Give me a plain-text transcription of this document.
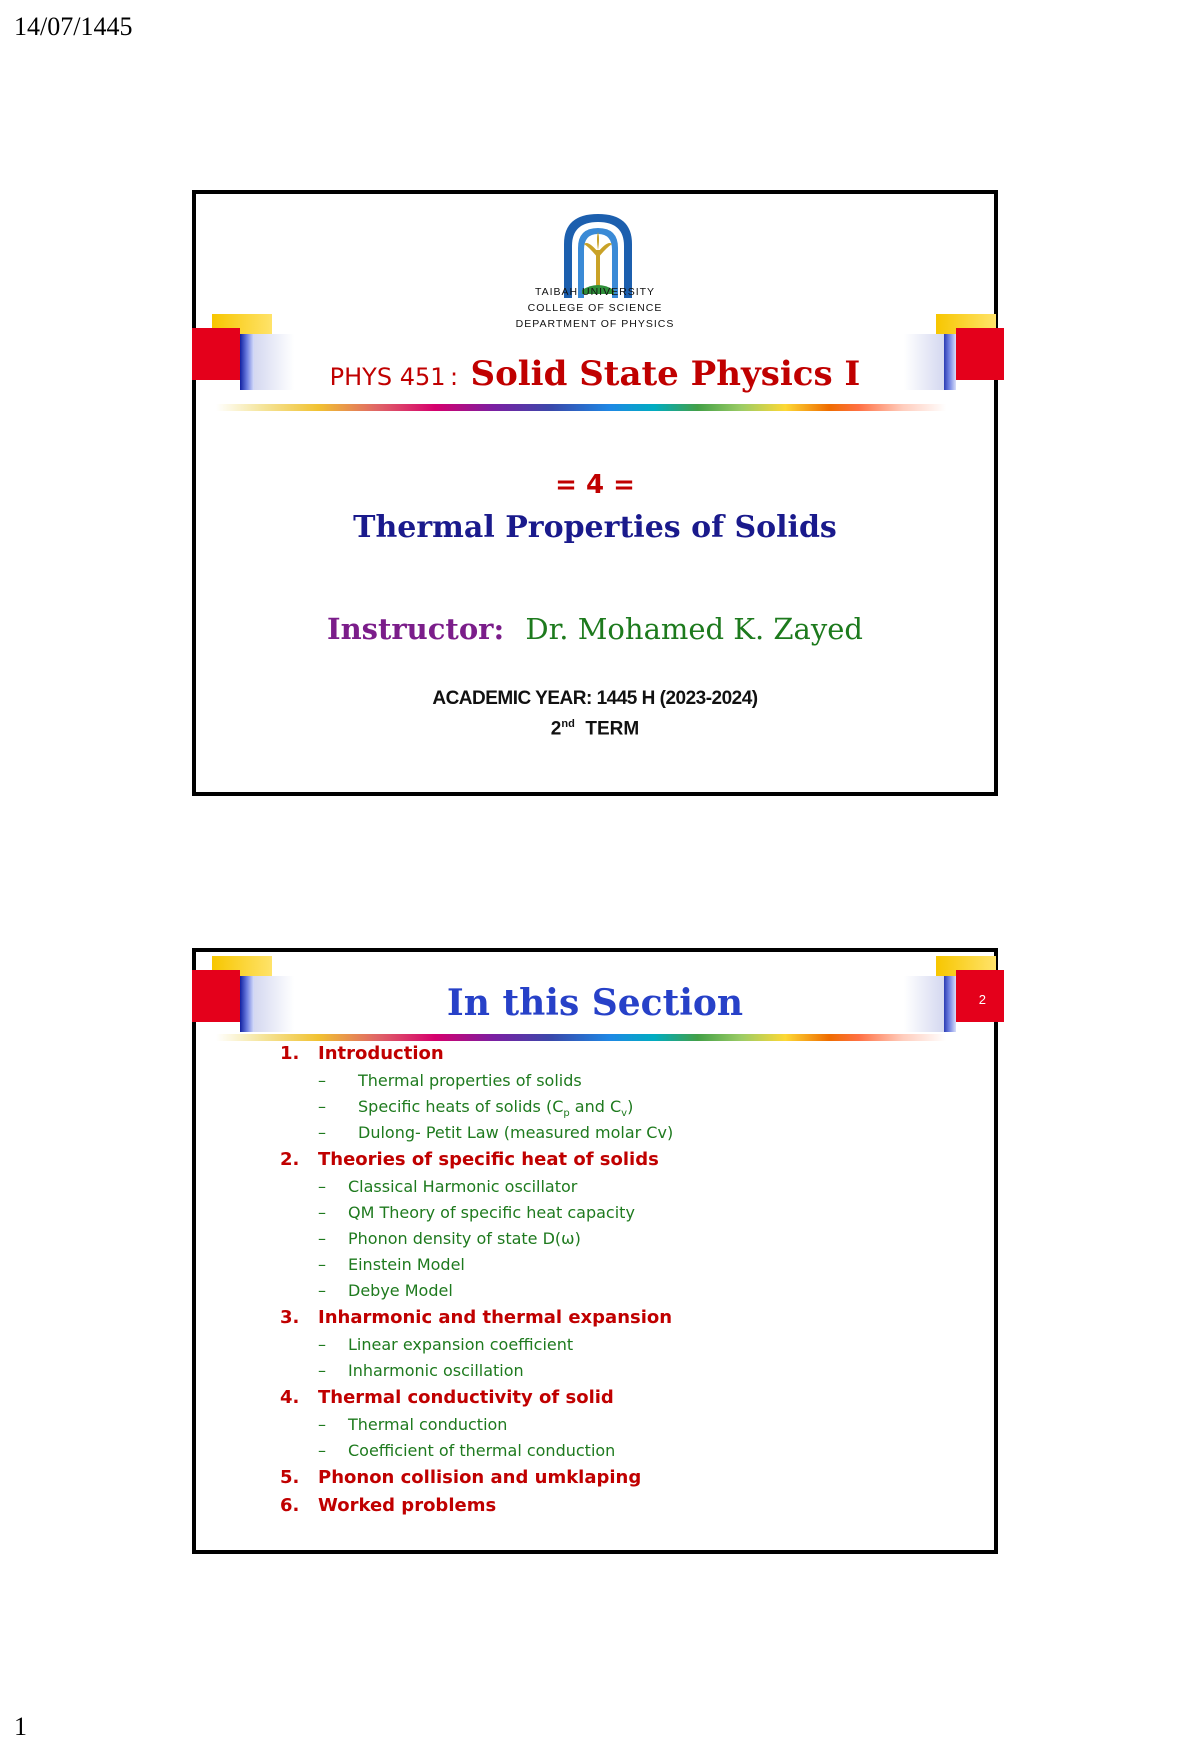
14/07/1445
TAIBAH UNIVERSITY
COLLEGE OF SCIENCE
DEPARTMENT OF PHYSICS
PHYS 451 : Solid State Physics I
= 4 =
Thermal Properties of Solids
Instructor: Dr. Mohamed K. Zayed
ACADEMIC YEAR: 1445 H (2023-2024)
2nd TERM
2
In this Section
1. Introduction
– Thermal properties of solids
– Specific heats of solids ($C_p$ and $C_v$)
– Dulong- Petit Law (measured molar Cv)
2. Theories of specific heat of solids
– Classical Harmonic oscillator
– QM Theory of specific heat capacity
– Phonon density of state D(ω)
– Einstein Model
– Debye Model
3. Inharmonic and thermal expansion
– Linear expansion coefficient
– Inharmonic oscillation
4. Thermal conductivity of solid
– Thermal conduction
– Coefficient of thermal conduction
5. Phonon collision and umklaping
6. Worked problems
1
